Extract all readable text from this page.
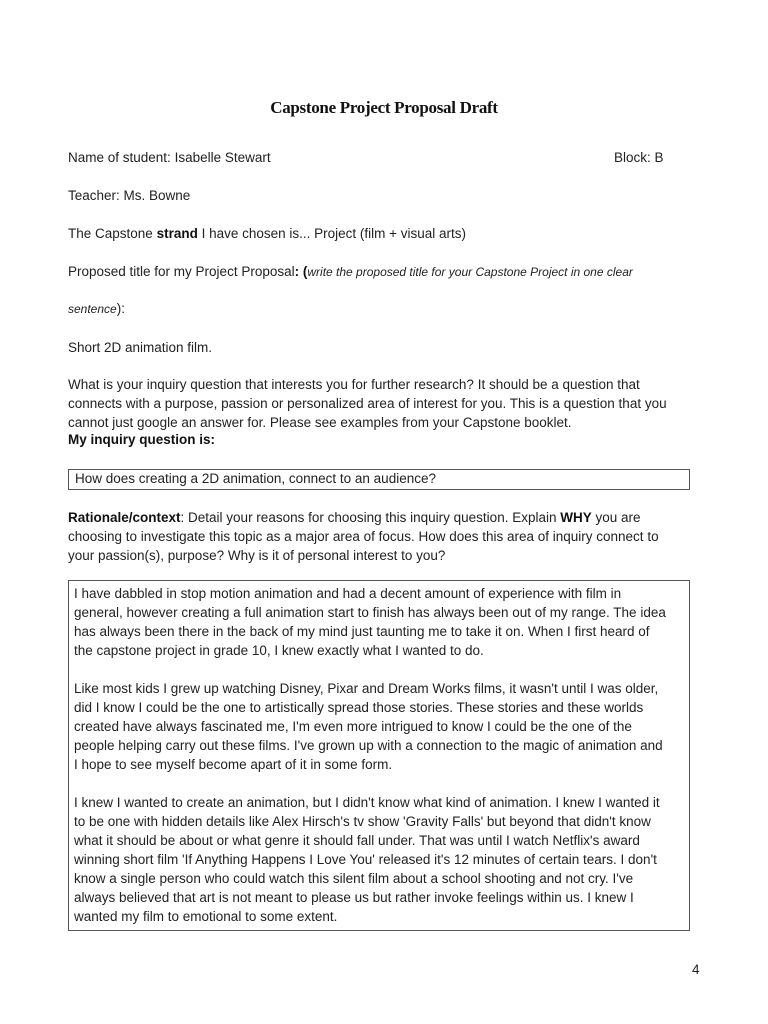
Capstone Project Proposal Draft
Name of student: Isabelle Stewart	Block: B
Teacher: Ms. Bowne
The Capstone strand I have chosen is... Project (film + visual arts)
Proposed title for my Project Proposal: (write the proposed title for your Capstone Project in one clear
sentence):
Short 2D animation film.
What is your inquiry question that interests you for further research? It should be a question that
connects with a purpose, passion or personalized area of interest for you. This is a question that you
cannot just google an answer for. Please see examples from your Capstone booklet.
My inquiry question is:
How does creating a 2D animation, connect to an audience?
Rationale/context: Detail your reasons for choosing this inquiry question. Explain WHY you are
choosing to investigate this topic as a major area of focus. How does this area of inquiry connect to
your passion(s), purpose? Why is it of personal interest to you?
I have dabbled in stop motion animation and had a decent amount of experience with film in
general, however creating a full animation start to finish has always been out of my range. The idea
has always been there in the back of my mind just taunting me to take it on. When I first heard of
the capstone project in grade 10, I knew exactly what I wanted to do.
Like most kids I grew up watching Disney, Pixar and Dream Works films, it wasn't until I was older,
did I know I could be the one to artistically spread those stories. These stories and these worlds
created have always fascinated me, I'm even more intrigued to know I could be the one of the
people helping carry out these films. I've grown up with a connection to the magic of animation and
I hope to see myself become apart of it in some form.
I knew I wanted to create an animation, but I didn't know what kind of animation. I knew I wanted it
to be one with hidden details like Alex Hirsch's tv show 'Gravity Falls' but beyond that didn't know
what it should be about or what genre it should fall under. That was until I watch Netflix's award
winning short film 'If Anything Happens I Love You' released it's 12 minutes of certain tears. I don't
know a single person who could watch this silent film about a school shooting and not cry. I've
always believed that art is not meant to please us but rather invoke feelings within us. I knew I
wanted my film to emotional to some extent.
4
